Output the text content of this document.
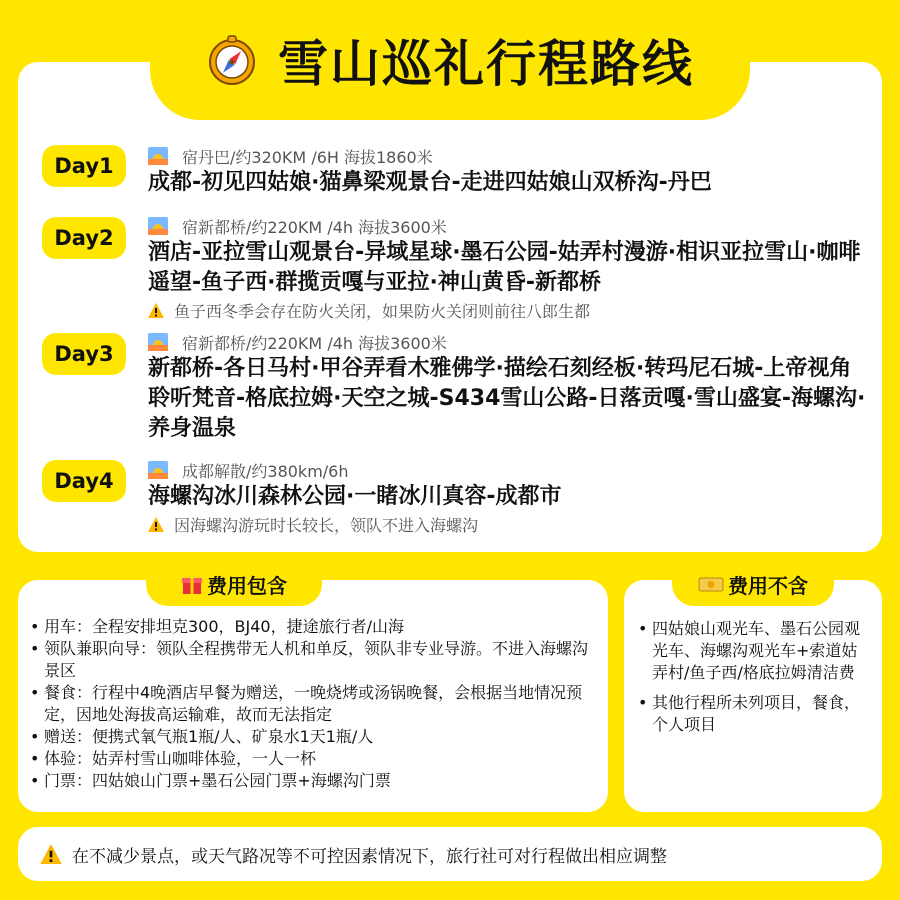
雪山巡礼行程路线
Day1	宿丹巴/约320KM /6H 海拔1860米
成都-初见四姑娘·猫鼻梁观景台-走进四姑娘山双桥沟-丹巴
Day2	宿新都桥/约220KM /4h 海拔3600米
酒店-亚拉雪山观景台-异域星球·墨石公园-姑弄村漫游·相识亚拉雪山·咖啡遥望-鱼子西·群揽贡嘎与亚拉·神山黄昏-新都桥
鱼子西冬季会存在防火关闭，如果防火关闭则前往八郎生都
Day3	宿新都桥/约220KM /4h 海拔3600米
新都桥-各日马村·甲谷弄看木雅佛学·描绘石刻经板·转玛尼石城-上帝视角聆听梵音-格底拉姆·天空之城-S434雪山公路-日落贡嘎·雪山盛宴-海螺沟·养身温泉
Day4	成都解散/约380km/6h
海螺沟冰川森林公园·一睹冰川真容-成都市
因海螺沟游玩时长较长，领队不进入海螺沟
费用包含
• 用车：全程安排坦克300，BJ40，捷途旅行者/山海
• 领队兼职向导：领队全程携带无人机和单反，领队非专业导游。不进入海螺沟景区
• 餐食：行程中4晚酒店早餐为赠送，一晚烧烤或汤锅晚餐，会根据当地情况预定，因地处海拔高运输难，故而无法指定
• 赠送：便携式氧气瓶1瓶/人、矿泉水1天1瓶/人
• 体验：姑弄村雪山咖啡体验，一人一杯
• 门票：四姑娘山门票+墨石公园门票+海螺沟门票
费用不含
• 四姑娘山观光车、墨石公园观光车、海螺沟观光车+索道姑弄村/鱼子西/格底拉姆清洁费
• 其他行程所未列项目，餐食，个人项目
在不减少景点，或天气路况等不可控因素情况下，旅行社可对行程做出相应调整
